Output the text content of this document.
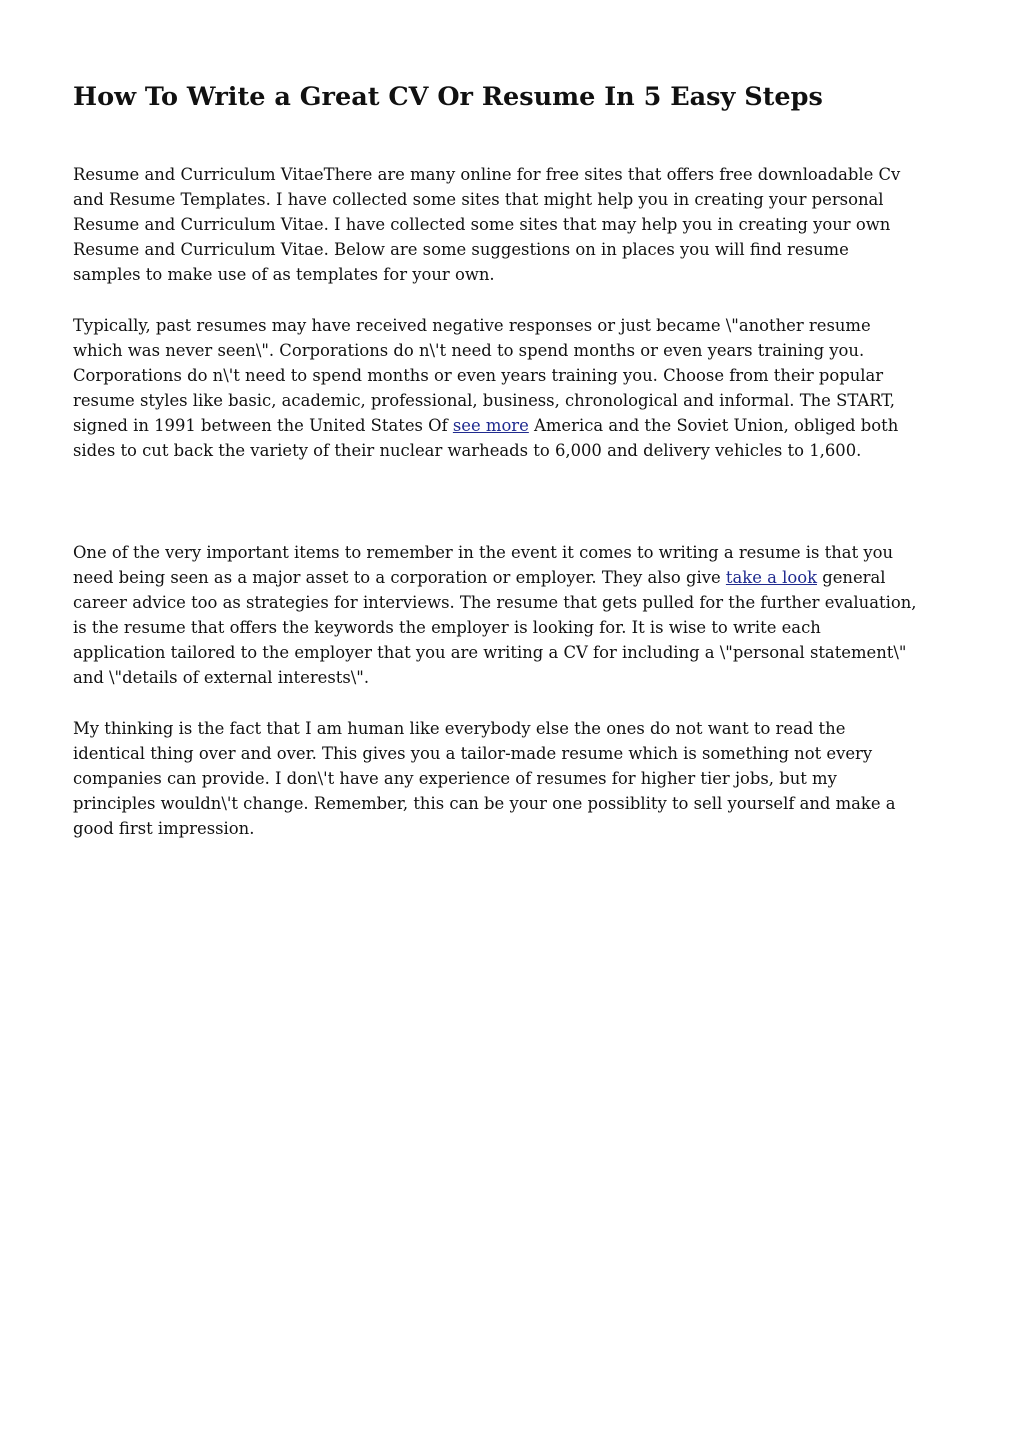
How To Write a Great CV Or Resume In 5 Easy Steps

Resume and Curriculum VitaeThere are many online for free sites that offers free downloadable Cv
and Resume Templates. I have collected some sites that might help you in creating your personal
Resume and Curriculum Vitae. I have collected some sites that may help you in creating your own
Resume and Curriculum Vitae. Below are some suggestions on in places you will find resume
samples to make use of as templates for your own.

Typically, past resumes may have received negative responses or just became \"another resume
which was never seen\". Corporations do n\'t need to spend months or even years training you.
Corporations do n\'t need to spend months or even years training you. Choose from their popular
resume styles like basic, academic, professional, business, chronological and informal. The START,
signed in 1991 between the United States Of see more America and the Soviet Union, obliged both
sides to cut back the variety of their nuclear warheads to 6,000 and delivery vehicles to 1,600.

One of the very important items to remember in the event it comes to writing a resume is that you
need being seen as a major asset to a corporation or employer. They also give take a look general
career advice too as strategies for interviews. The resume that gets pulled for the further evaluation,
is the resume that offers the keywords the employer is looking for. It is wise to write each
application tailored to the employer that you are writing a CV for including a \"personal statement\"
and \"details of external interests\".

My thinking is the fact that I am human like everybody else the ones do not want to read the
identical thing over and over. This gives you a tailor-made resume which is something not every
companies can provide. I don\'t have any experience of resumes for higher tier jobs, but my
principles wouldn\'t change. Remember, this can be your one possiblity to sell yourself and make a
good first impression.
